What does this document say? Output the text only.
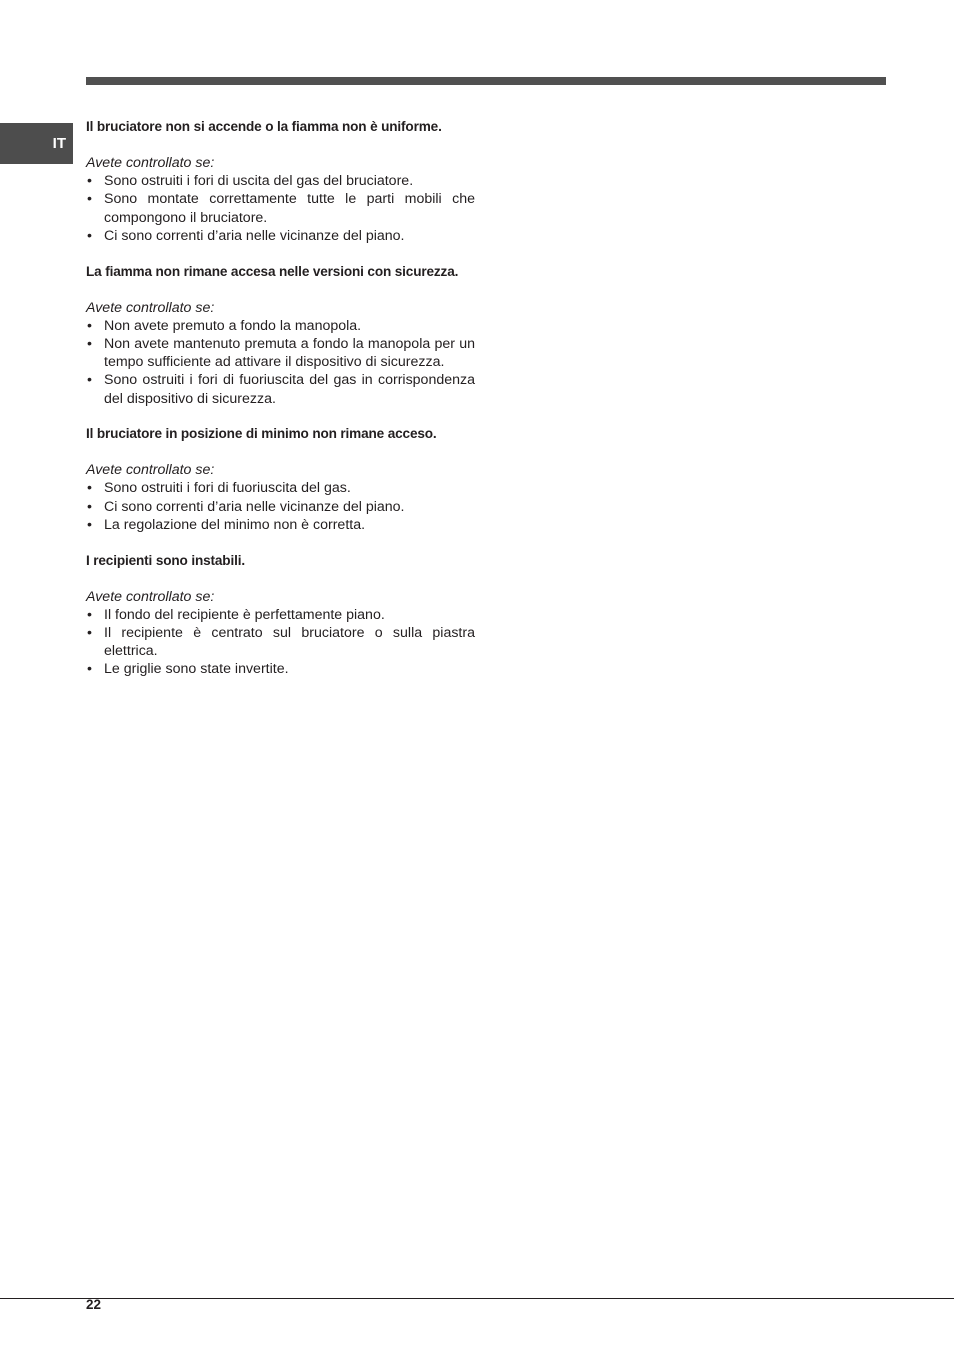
IT

Il bruciatore non si accende o la fiamma non è uniforme.

Avete controllato se:

• Sono ostruiti i fori di uscita del gas del bruciatore.
• Sono montate correttamente tutte le parti mobili che compongono il bruciatore.
• Ci sono correnti d’aria nelle vicinanze del piano.

La fiamma non rimane accesa nelle versioni con sicurezza.

Avete controllato se:

• Non avete premuto a fondo la manopola.
• Non avete mantenuto premuta a fondo la manopola per un tempo sufficiente ad attivare il dispositivo di sicurezza.
• Sono ostruiti i fori di fuoriuscita del gas in corrispondenza del dispositivo di sicurezza.

Il bruciatore in posizione di minimo non rimane acceso.

Avete controllato se:

• Sono ostruiti i fori di fuoriuscita del gas.
• Ci sono correnti d’aria nelle vicinanze del piano.
• La regolazione del minimo non è corretta.

I recipienti sono instabili.

Avete controllato se:

• Il fondo del recipiente è perfettamente piano.
• Il recipiente è centrato sul bruciatore o sulla piastra elettrica.
• Le griglie sono state invertite.
22
